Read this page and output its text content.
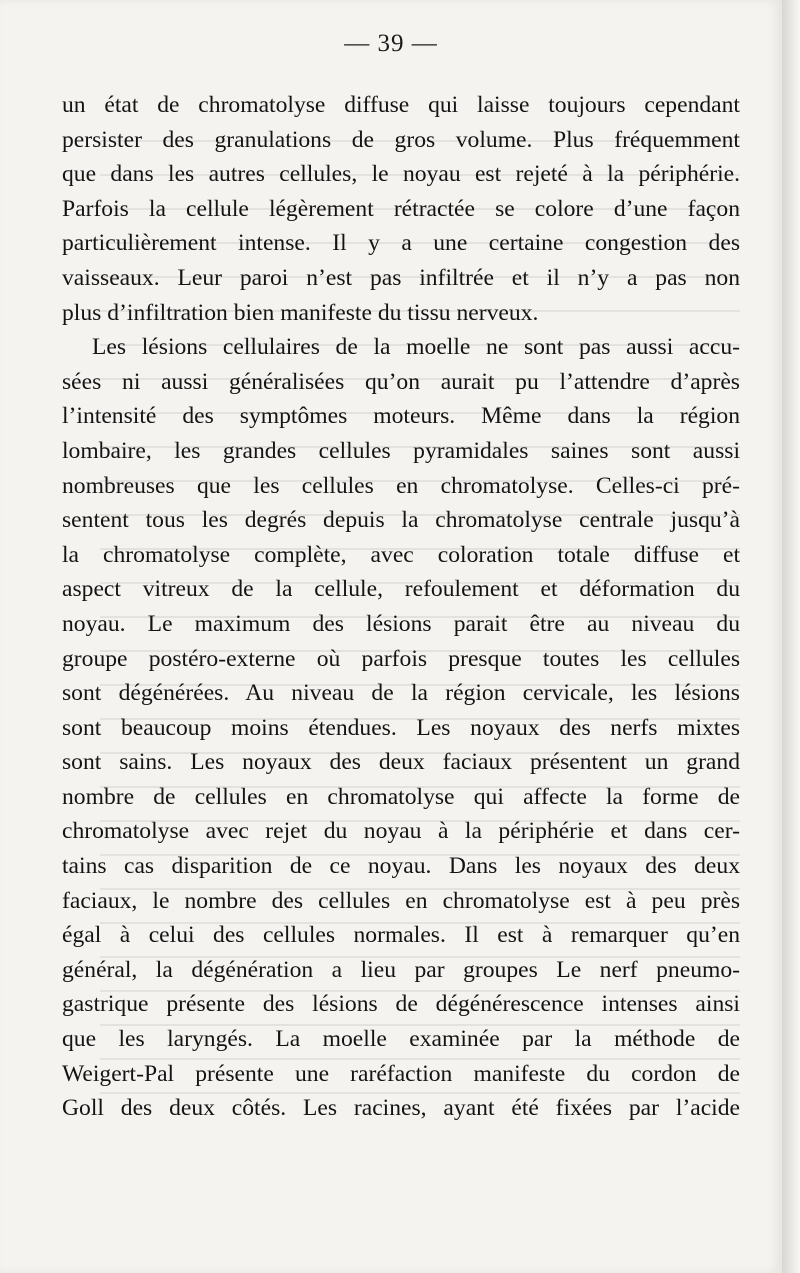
— 39 —
un état de chromatolyse diffuse qui laisse toujours cependant
persister des granulations de gros volume. Plus fréquemment
que dans les autres cellules, le noyau est rejeté à la périphérie.
Parfois la cellule légèrement rétractée se colore d’une façon
particulièrement intense. Il y a une certaine congestion des
vaisseaux. Leur paroi n’est pas infiltrée et il n’y a pas non
plus d’infiltration bien manifeste du tissu nerveux.
Les lésions cellulaires de la moelle ne sont pas aussi accu-
sées ni aussi généralisées qu’on aurait pu l’attendre d’après
l’intensité des symptômes moteurs. Même dans la région
lombaire, les grandes cellules pyramidales saines sont aussi
nombreuses que les cellules en chromatolyse. Celles-ci pré-
sentent tous les degrés depuis la chromatolyse centrale jusqu’à
la chromatolyse complète, avec coloration totale diffuse et
aspect vitreux de la cellule, refoulement et déformation du
noyau. Le maximum des lésions parait être au niveau du
groupe postéro-externe où parfois presque toutes les cellules
sont dégénérées. Au niveau de la région cervicale, les lésions
sont beaucoup moins étendues. Les noyaux des nerfs mixtes
sont sains. Les noyaux des deux faciaux présentent un grand
nombre de cellules en chromatolyse qui affecte la forme de
chromatolyse avec rejet du noyau à la périphérie et dans cer-
tains cas disparition de ce noyau. Dans les noyaux des deux
faciaux, le nombre des cellules en chromatolyse est à peu près
égal à celui des cellules normales. Il est à remarquer qu’en
général, la dégénération a lieu par groupes Le nerf pneumo-
gastrique présente des lésions de dégénérescence intenses ainsi
que les laryngés. La moelle examinée par la méthode de
Weigert-Pal présente une raréfaction manifeste du cordon de
Goll des deux côtés. Les racines, ayant été fixées par l’acide
